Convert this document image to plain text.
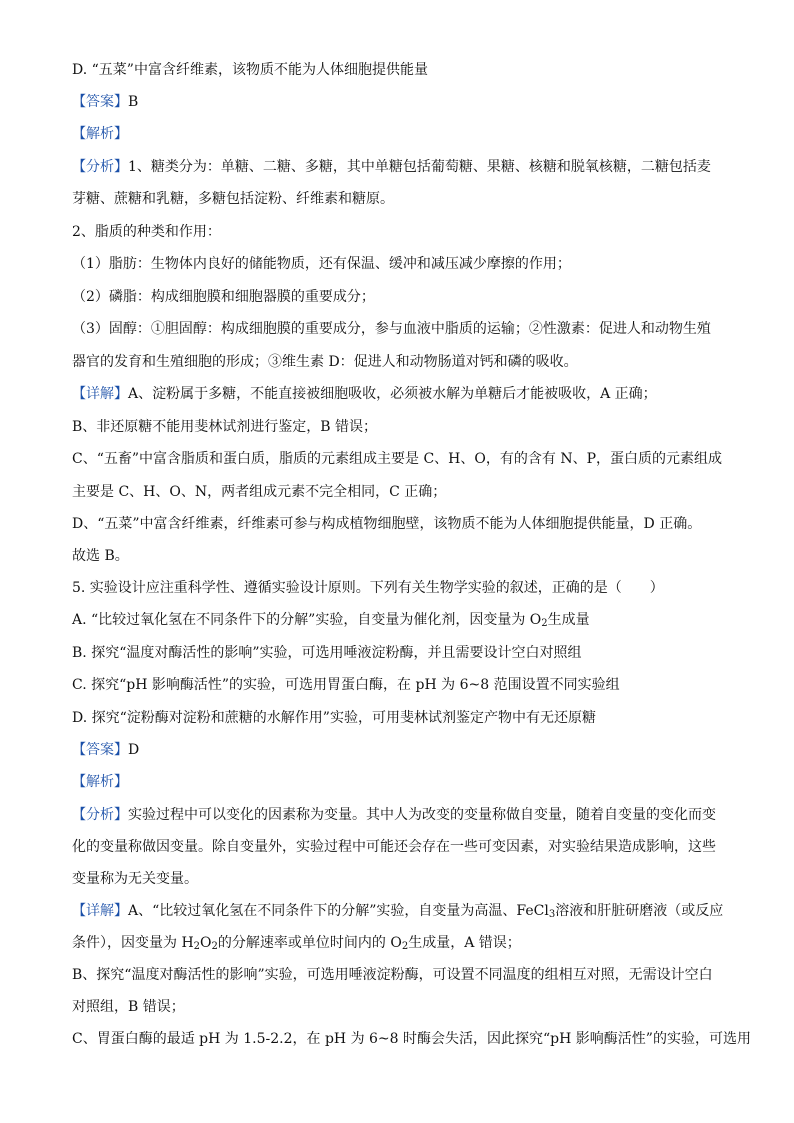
D. “五菜”中富含纤维素，该物质不能为人体细胞提供能量
【答案】B
【解析】
【分析】1、糖类分为：单糖、二糖、多糖，其中单糖包括葡萄糖、果糖、核糖和脱氧核糖，二糖包括麦
芽糖、蔗糖和乳糖，多糖包括淀粉、纤维素和糖原。
2、脂质的种类和作用：
（1）脂肪：生物体内良好的储能物质，还有保温、缓冲和减压减少摩擦的作用；
（2）磷脂：构成细胞膜和细胞器膜的重要成分；
（3）固醇：①胆固醇：构成细胞膜的重要成分，参与血液中脂质的运输；②性激素：促进人和动物生殖
器官的发育和生殖细胞的形成；③维生素 D：促进人和动物肠道对钙和磷的吸收。
【详解】A、淀粉属于多糖，不能直接被细胞吸收，必须被水解为单糖后才能被吸收，A 正确；
B、非还原糖不能用斐林试剂进行鉴定，B 错误；
C、“五畜”中富含脂质和蛋白质，脂质的元素组成主要是 C、H、O，有的含有 N、P，蛋白质的元素组成
主要是 C、H、O、N，两者组成元素不完全相同，C 正确；
D、“五菜”中富含纤维素，纤维素可参与构成植物细胞壁，该物质不能为人体细胞提供能量，D 正确。
故选 B。
5. 实验设计应注重科学性、遵循实验设计原则。下列有关生物学实验的叙述，正确的是（　　）
A. “比较过氧化氢在不同条件下的分解”实验，自变量为催化剂，因变量为 $O_2$生成量
B. 探究“温度对酶活性的影响”实验，可选用唾液淀粉酶，并且需要设计空白对照组
C. 探究“pH 影响酶活性”的实验，可选用胃蛋白酶，在 pH 为 6~8 范围设置不同实验组
D. 探究“淀粉酶对淀粉和蔗糖的水解作用”实验，可用斐林试剂鉴定产物中有无还原糖
【答案】D
【解析】
【分析】实验过程中可以变化的因素称为变量。其中人为改变的变量称做自变量，随着自变量的变化而变
化的变量称做因变量。除自变量外，实验过程中可能还会存在一些可变因素，对实验结果造成影响，这些
变量称为无关变量。
【详解】A、“比较过氧化氢在不同条件下的分解”实验，自变量为高温、FeCl$_3$溶液和肝脏研磨液（或反应
条件），因变量为 $H_2O_2$的分解速率或单位时间内的 $O_2$生成量，A 错误；
B、探究“温度对酶活性的影响”实验，可选用唾液淀粉酶，可设置不同温度的组相互对照，无需设计空白
对照组，B 错误；
C、胃蛋白酶的最适 pH 为 1.5-2.2，在 pH 为 6~8 时酶会失活，因此探究“pH 影响酶活性”的实验，可选用
